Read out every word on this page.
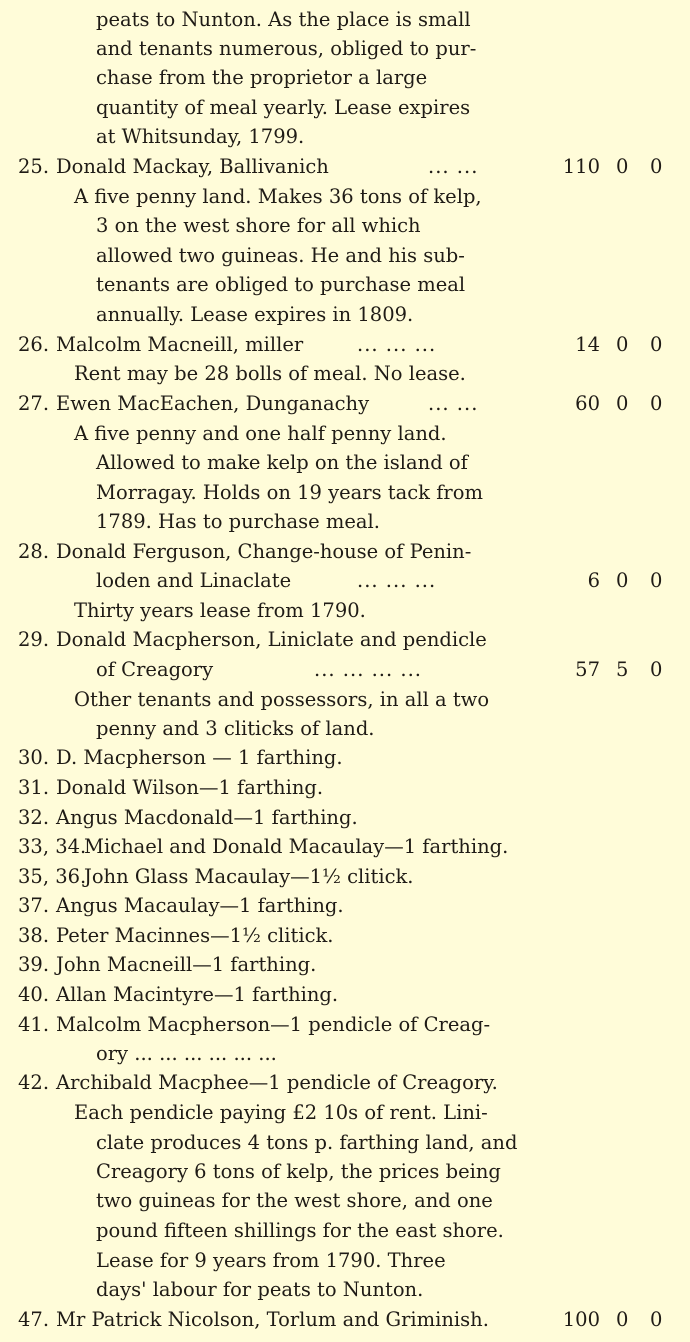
peats to Nunton. As the place is small
and tenants numerous, obliged to pur-
chase from the proprietor a large
quantity of meal yearly. Lease expires
at Whitsunday, 1799.
25. Donald Mackay, Ballivanich	... ...	110 0 0
A five penny land. Makes 36 tons of kelp,
3 on the west shore for all which
allowed two guineas. He and his sub-
tenants are obliged to purchase meal
annually. Lease expires in 1809.
26. Malcolm Macneill, miller	... ... ...	14 0 0
Rent may be 28 bolls of meal. No lease.
27. Ewen MacEachen, Dunganachy	... ...	60 0 0
A five penny and one half penny land.
Allowed to make kelp on the island of
Morragay. Holds on 19 years tack from
1789. Has to purchase meal.
28. Donald Ferguson, Change-house of Penin-
loden and Linaclate	... ... ...	6 0 0
Thirty years lease from 1790.
29. Donald Macpherson, Liniclate and pendicle
of Creagory	... ... ... ...	57 5 0
Other tenants and possessors, in all a two
penny and 3 cliticks of land.
30. D. Macpherson — 1 farthing.
31. Donald Wilson—1 farthing.
32. Angus Macdonald—1 farthing.
33, 34.
Michael and Donald Macaulay—1 farthing.
35, 36.
John Glass Macaulay—1½ clitick.
37. Angus Macaulay—1 farthing.
38. Peter Macinnes—1½ clitick.
39. John Macneill—1 farthing.
40. Allan Macintyre—1 farthing.
41. Malcolm Macpherson—1 pendicle of Creag-
ory ... ... ... ... ... ...
42. Archibald Macphee—1 pendicle of Creagory.
Each pendicle paying £2 10s of rent. Lini-
clate produces 4 tons p. farthing land, and
Creagory 6 tons of kelp, the prices being
two guineas for the west shore, and one
pound fifteen shillings for the east shore.
Lease for 9 years from 1790. Three
days' labour for peats to Nunton.
47. Mr Patrick Nicolson, Torlum and Griminish.	100 0 0
